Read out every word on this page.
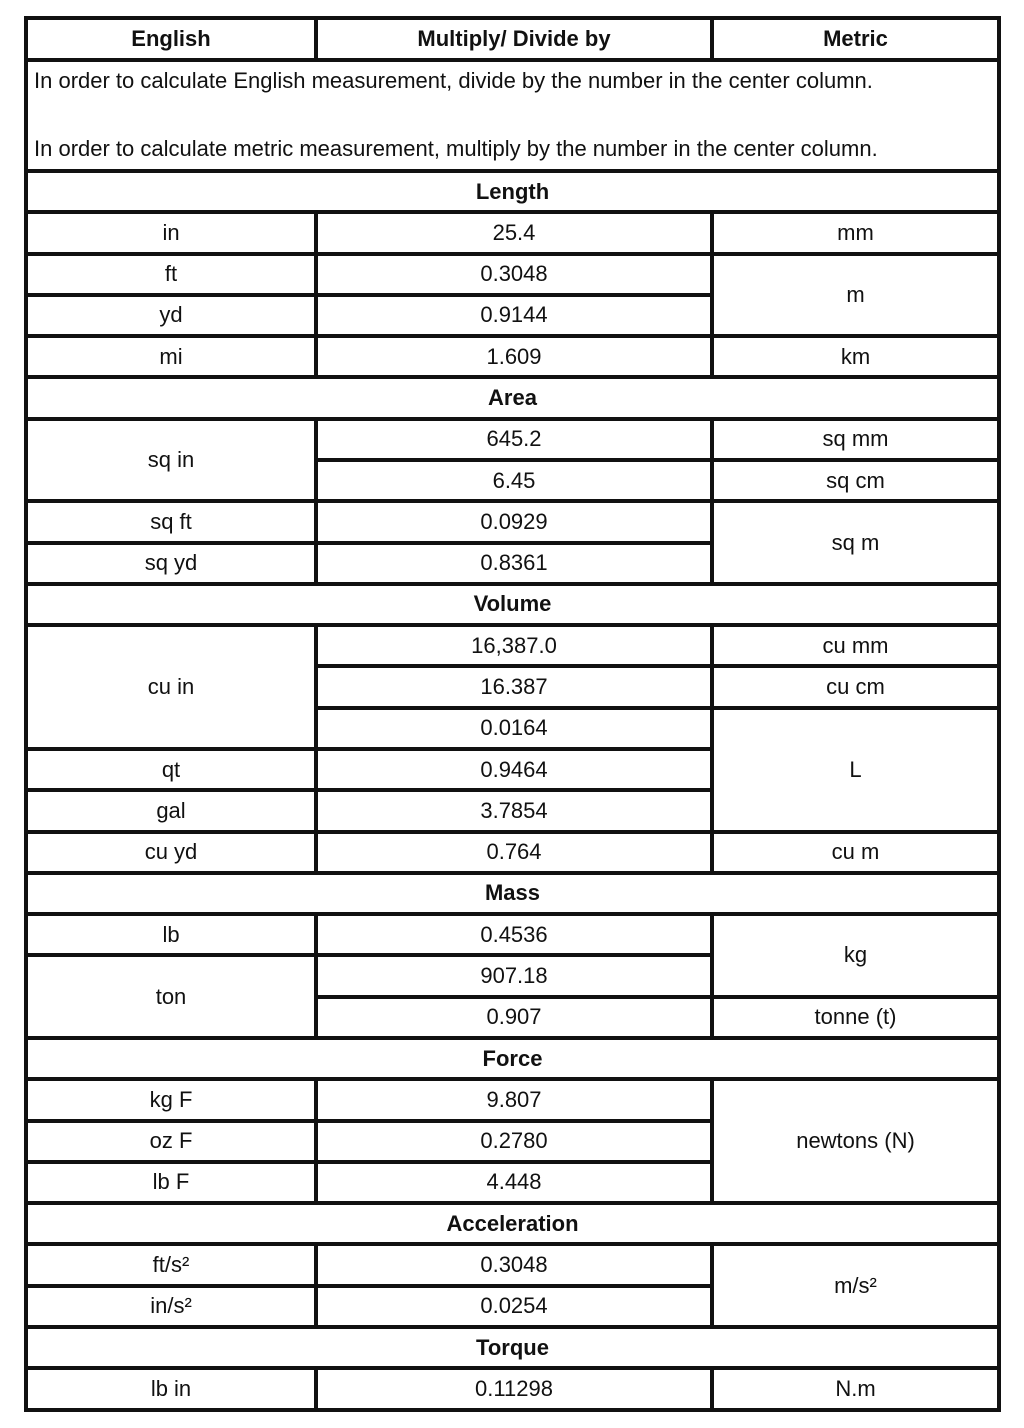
English	Multiply/ Divide by	Metric

In order to calculate English measurement, divide by the number in the center column.
In order to calculate metric measurement, multiply by the number in the center column.		

Length		
in	25.4	mm
ft	0.3048	m
yd	0.9144	
mi	1.609	km
Area		
sq in	645.2	sq mm
	6.45	sq cm
sq ft	0.0929	sq m
sq yd	0.8361	
Volume		
cu in	16,387.0	cu mm
	16.387	cu cm
	0.0164	L
qt	0.9464	
gal	3.7854	
cu yd	0.764	cu m
Mass		
lb	0.4536	kg
ton	907.18	
	0.907	tonne (t)
Force		
kg F	9.807	newtons (N)
oz F	0.2780	
lb F	4.448	
Acceleration		
ft/s²	0.3048	m/s²
in/s²	0.0254	
Torque		
lb in	0.11298	N.m
